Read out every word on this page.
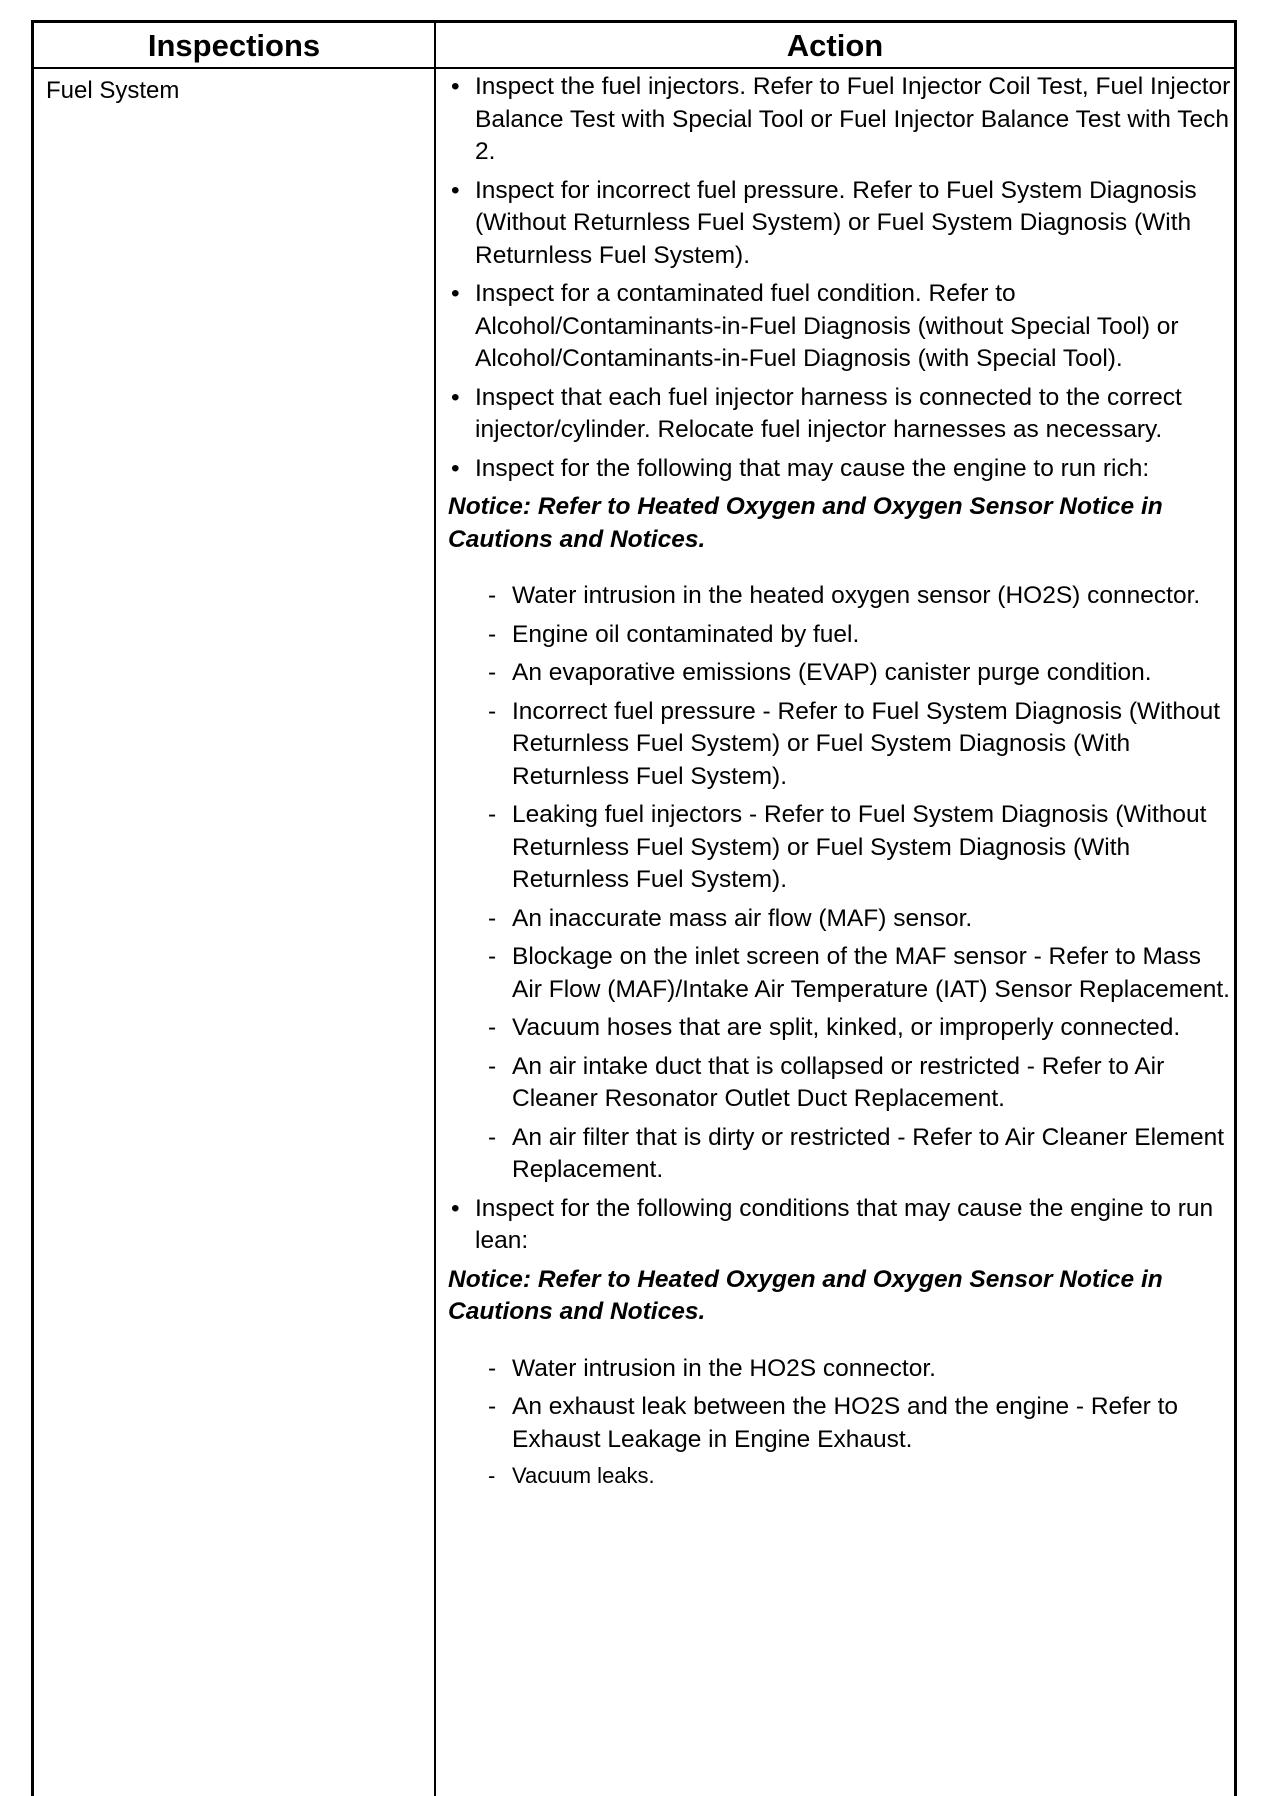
Inspections	Action
Fuel System	• Inspect the fuel injectors. Refer to Fuel Injector Coil Test, Fuel Injector Balance Test with Special Tool or Fuel Injector Balance Test with Tech 2.
• Inspect for incorrect fuel pressure. Refer to Fuel System Diagnosis (Without Returnless Fuel System) or Fuel System Diagnosis (With Returnless Fuel System).
• Inspect for a contaminated fuel condition. Refer to Alcohol/Contaminants-in-Fuel Diagnosis (without Special Tool) or Alcohol/Contaminants-in-Fuel Diagnosis (with Special Tool).
• Inspect that each fuel injector harness is connected to the correct injector/cylinder. Relocate fuel injector harnesses as necessary.
• Inspect for the following that may cause the engine to run rich:
Notice: Refer to Heated Oxygen and Oxygen Sensor Notice in Cautions and Notices.
- Water intrusion in the heated oxygen sensor (HO2S) connector.
- Engine oil contaminated by fuel.
- An evaporative emissions (EVAP) canister purge condition.
- Incorrect fuel pressure - Refer to Fuel System Diagnosis (Without Returnless Fuel System) or Fuel System Diagnosis (With Returnless Fuel System).
- Leaking fuel injectors - Refer to Fuel System Diagnosis (Without Returnless Fuel System) or Fuel System Diagnosis (With Returnless Fuel System).
- An inaccurate mass air flow (MAF) sensor.
- Blockage on the inlet screen of the MAF sensor - Refer to Mass Air Flow (MAF)/Intake Air Temperature (IAT) Sensor Replacement.
- Vacuum hoses that are split, kinked, or improperly connected.
- An air intake duct that is collapsed or restricted - Refer to Air Cleaner Resonator Outlet Duct Replacement.
- An air filter that is dirty or restricted - Refer to Air Cleaner Element Replacement.
• Inspect for the following conditions that may cause the engine to run lean:
Notice: Refer to Heated Oxygen and Oxygen Sensor Notice in Cautions and Notices.
- Water intrusion in the HO2S connector.
- An exhaust leak between the HO2S and the engine - Refer to Exhaust Leakage in Engine Exhaust.
- Vacuum leaks.
